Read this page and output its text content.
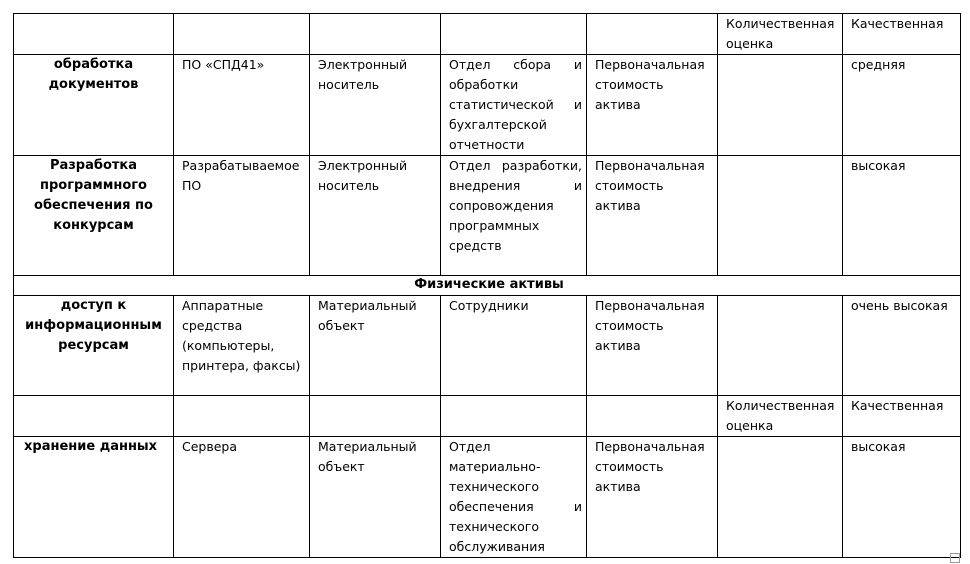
					Количественная оценка	Качественная
обработка документов	ПО «СПД41»	Электронный носитель	Отдел сбора и обработки статистической и бухгалтерской отчетности	Первоначальная стоимость актива		средняя
Разработка программного обеспечения по конкурсам	Разрабатываемое ПО	Электронный носитель	Отдел разработки, внедрения и сопровождения программных средств	Первоначальная стоимость актива		высокая
Физические активы						
доступ к информационным ресурсам	Аппаратные средства (компьютеры, принтера, факсы)	Материальный объект	Сотрудники	Первоначальная стоимость актива		очень высокая
					Количественная оценка	Качественная
хранение данных	Сервера	Материальный объект	Отдел материально-технического обеспечения и технического обслуживания	Первоначальная стоимость актива		высокая
